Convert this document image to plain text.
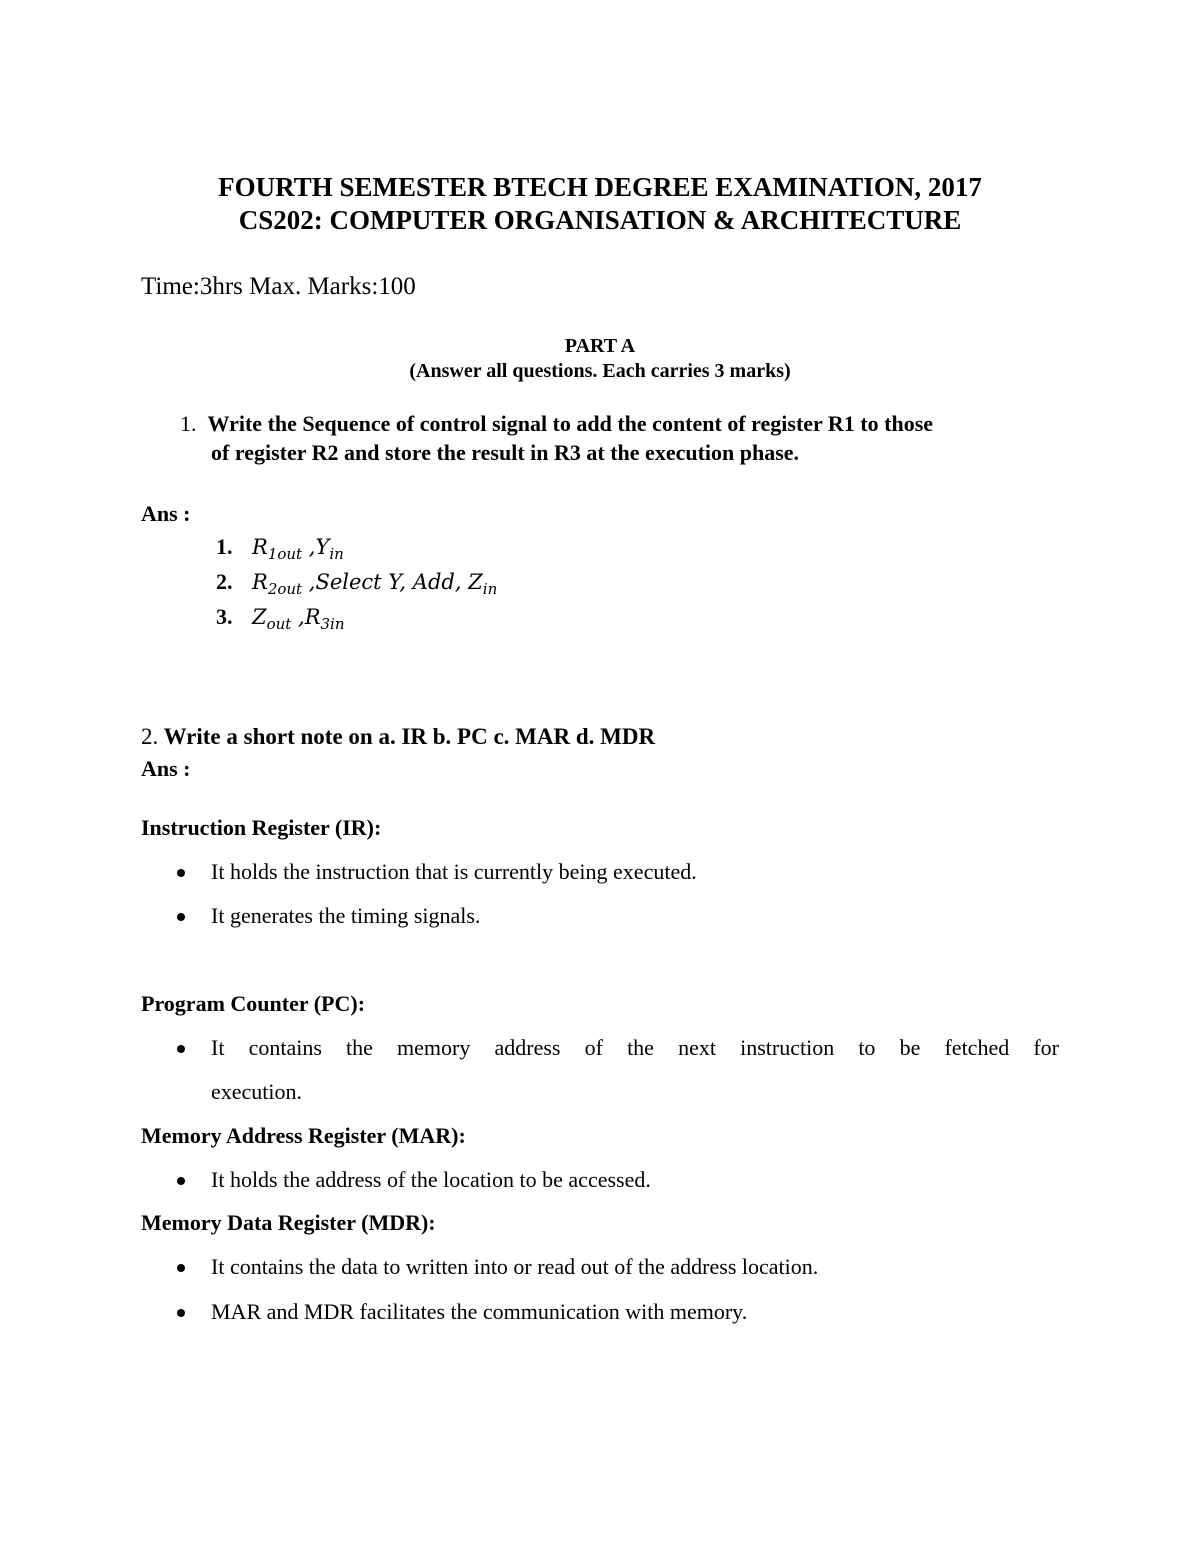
FOURTH SEMESTER BTECH DEGREE EXAMINATION, 2017
CS202: COMPUTER ORGANISATION & ARCHITECTURE
Time:3hrs Max. Marks:100
PART A
(Answer all questions. Each carries 3 marks)
1. Write the Sequence of control signal to add the content of register R1 to those
of register R2 and store the result in R3 at the execution phase.
Ans :
1. $R_{1out}$ $,Y_{in}$
2. $R_{2out}$ ,Select Y, Add, $Z_{in}$
3. $Z_{out}$ $,R_{3in}$
2. Write a short note on a. IR b. PC c. MAR d. MDR
Ans :
Instruction Register (IR):
It holds the instruction that is currently being executed.
It generates the timing signals.
Program Counter (PC):
It contains the memory address of the next instruction to be fetched for
execution.
Memory Address Register (MAR):
It holds the address of the location to be accessed.
Memory Data Register (MDR):
It contains the data to written into or read out of the address location.
MAR and MDR facilitates the communication with memory.
